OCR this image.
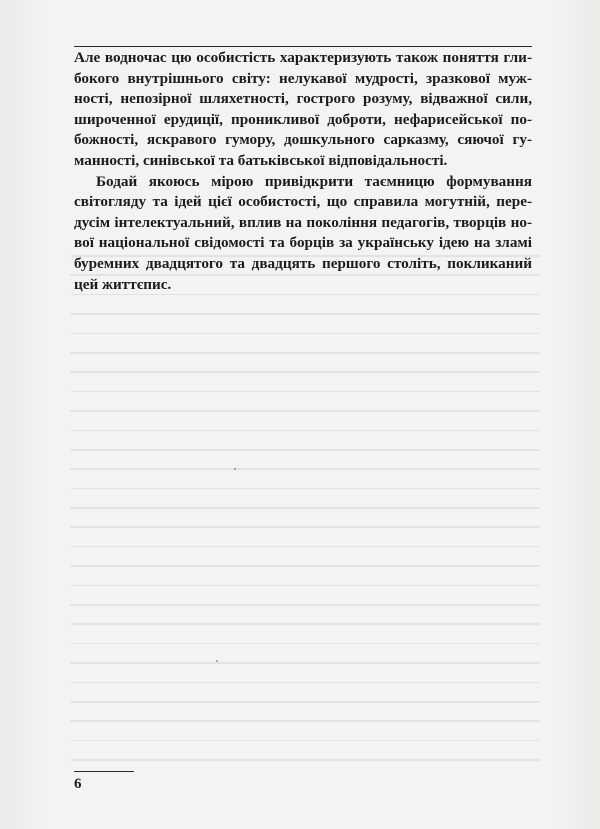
Але водночас цю особистість характеризують також поняття глибокого внутрішнього світу: нелукавої мудрості, зразкової мужності, непозірної шляхетності, гострого розуму, відважної сили, широченної ерудиції, проникливої доброти, нефарисейської побожності, яскравого гумору, дошкульного сарказму, сяючої гуманності, синівської та батьківської відповідальності.

Бодай якоюсь мірою привідкрити таємницю формування світогляду та ідей цієї особистості, що справила могутній, передусім інтелектуальний, вплив на покоління педагогів, творців нової національної свідомості та борців за українську ідею на зламі буремних двадцятого та двадцять першого століть, покликаний цей життєпис.

6
